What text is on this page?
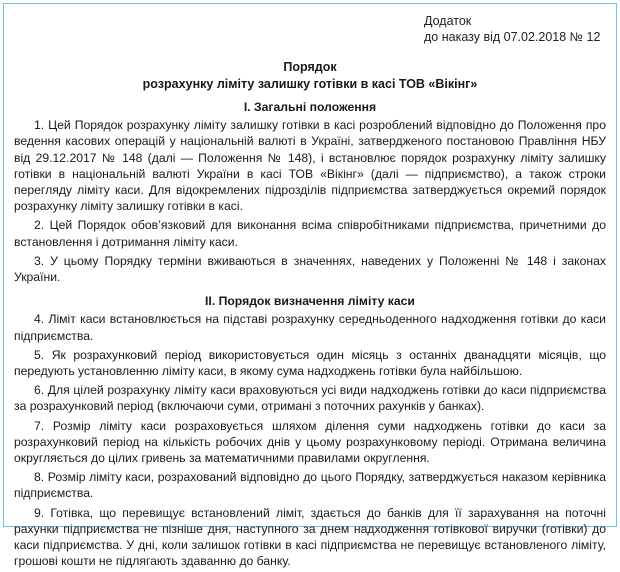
Додаток
до наказу від 07.02.2018 № 12
Порядок
розрахунку ліміту залишку готівки в касі ТОВ «Вікінг»
I. Загальні положення

1. Цей Порядок розрахунку ліміту залишку готівки в касі розроблений відповідно до Положення про ведення касових операцій у національній валюті в Україні, затвердженого постановою Правління НБУ від 29.12.2017 № 148 (далі — Положення № 148), і встановлює порядок розрахунку ліміту залишку готівки в національній валюті України в касі ТОВ «Вікінг» (далі — підприємство), а також строки перегляду ліміту каси. Для відокремлених підрозділів підприємства затверджується окремий порядок розрахунку ліміту залишку готівки в касі.

2. Цей Порядок обов’язковий для виконання всіма співробітниками підприємства, причетними до встановлення і дотримання ліміту каси.

3. У цьому Порядку терміни вживаються в значеннях, наведених у Положенні № 148 і законах України.

II. Порядок визначення ліміту каси

4. Ліміт каси встановлюється на підставі розрахунку середньоденного надходження готівки до каси підприємства.

5. Як розрахунковий період використовується один місяць з останніх дванадцяти місяців, що передують установленню ліміту каси, в якому сума надходжень готівки була найбільшою.

6. Для цілей розрахунку ліміту каси враховуються усі види надходжень готівки до каси підприємства за розрахунковий період (включаючи суми, отримані з поточних рахунків у банках).

7. Розмір ліміту каси розраховується шляхом ділення суми надходжень готівки до каси за розрахунковий період на кількість робочих днів у цьому розрахунковому періоді. Отримана величина округляється до цілих гривень за математичними правилами округлення.

8. Розмір ліміту каси, розрахований відповідно до цього Порядку, затверджується наказом керівника підприємства.

9. Готівка, що перевищує встановлений ліміт, здається до банків для її зарахування на поточні рахунки підприємства не пізніше дня, наступного за днем надходження готівкової виручки (готівки) до каси підприємства. У дні, коли залишок готівки в касі підприємства не перевищує встановленого ліміту, грошові кошти не підлягають здаванню до банку.
